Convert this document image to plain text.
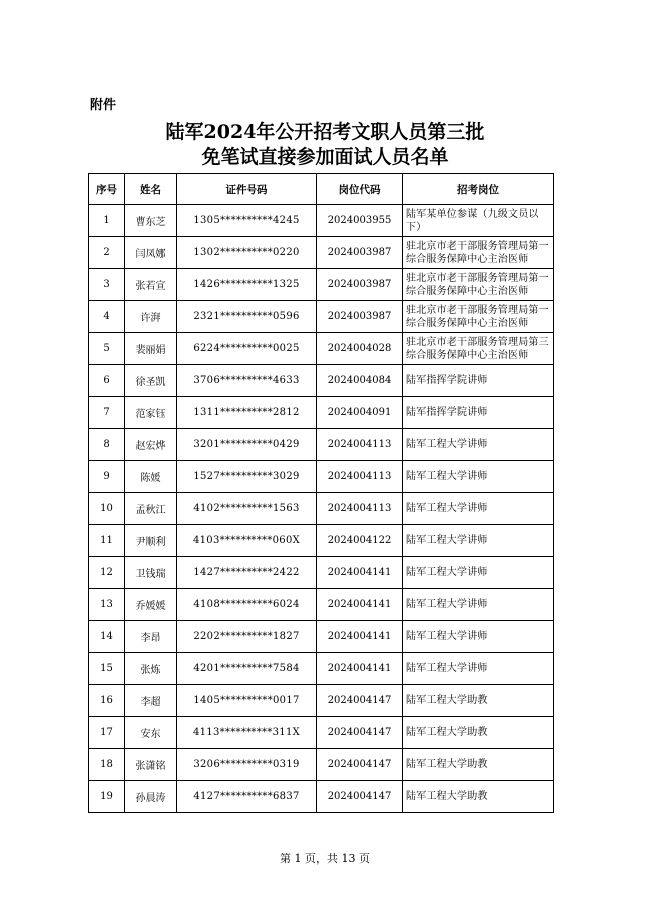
附件
陆军2024年公开招考文职人员第三批
免笔试直接参加面试人员名单
序号	姓名	证件号码	岗位代码	招考岗位
1	曹东芝	1305**********4245	2024003955	陆军某单位参谋（九级文员以下）
2	闫凤娜	1302**********0220	2024003987	驻北京市老干部服务管理局第一综合服务保障中心主治医师
3	张若宣	1426**********1325	2024003987	驻北京市老干部服务管理局第一综合服务保障中心主治医师
4	许湃	2321**********0596	2024003987	驻北京市老干部服务管理局第一综合服务保障中心主治医师
5	裴丽娟	6224**********0025	2024004028	驻北京市老干部服务管理局第三综合服务保障中心主治医师
6	徐圣凯	3706**********4633	2024004084	陆军指挥学院讲师
7	范家钰	1311**********2812	2024004091	陆军指挥学院讲师
8	赵宏烨	3201**********0429	2024004113	陆军工程大学讲师
9	陈媛	1527**********3029	2024004113	陆军工程大学讲师
10	孟秋江	4102**********1563	2024004113	陆军工程大学讲师
11	尹顺利	4103**********060X	2024004122	陆军工程大学讲师
12	卫钱瑞	1427**********2422	2024004141	陆军工程大学讲师
13	乔媛媛	4108**********6024	2024004141	陆军工程大学讲师
14	李昂	2202**********1827	2024004141	陆军工程大学讲师
15	张炼	4201**********7584	2024004141	陆军工程大学讲师
16	李超	1405**********0017	2024004147	陆军工程大学助教
17	安东	4113**********311X	2024004147	陆军工程大学助教
18	张潇铭	3206**********0319	2024004147	陆军工程大学助教
19	孙晨涛	4127**********6837	2024004147	陆军工程大学助教
第 1 页，共 13 页
